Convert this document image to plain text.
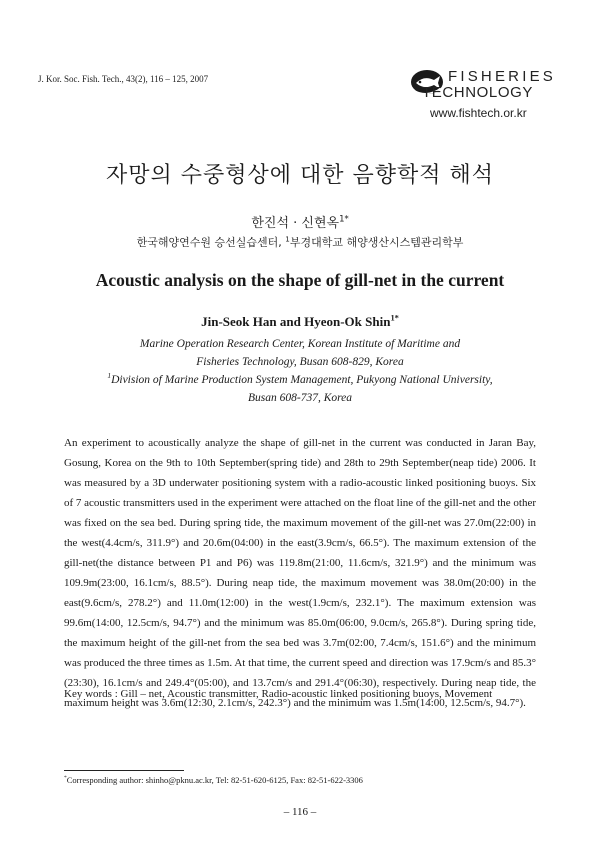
J. Kor. Soc. Fish. Tech., 43(2), 116 – 125, 2007	FISHERIES
TECHNOLOGY
www.fishtech.or.kr
자망의 수중형상에 대한 음향학적 해석
한진석 · 신현옥$^{1*}$
한국해양연수원 승선실습센터, $^1$부경대학교 해양생산시스템관리학부
Acoustic analysis on the shape of gill-net in the current
Jin-Seok Han and Hyeon-Ok Shin$^{1*}$
Marine Operation Research Center, Korean Institute of Maritime and
Fisheries Technology, Busan 608-829, Korea
$^1$Division of Marine Production System Management, Pukyong National University,
Busan 608-737, Korea

An experiment to acoustically analyze the shape of gill-net in the current was conducted in Jaran Bay, Gosung, Korea on the 9th to 10th September(spring tide) and 28th to 29th September(neap tide) 2006. It was measured by a 3D underwater positioning system with a radio-acoustic linked positioning buoys. Six of 7 acoustic transmitters used in the experiment were attached on the float line of the gill-net and the other was fixed on the sea bed. During spring tide, the maximum movement of the gill-net was 27.0m(22:00) in the west(4.4cm/s, 311.9°) and 20.6m(04:00) in the east(3.9cm/s, 66.5°). The maximum extension of the gill-net(the distance between P1 and P6) was 119.8m(21:00, 11.6cm/s, 321.9°) and the minimum was 109.9m(23:00, 16.1cm/s, 88.5°). During neap tide, the maximum movement was 38.0m(20:00) in the east(9.6cm/s, 278.2°) and 11.0m(12:00) in the west(1.9cm/s, 232.1°). The maximum extension was 99.6m(14:00, 12.5cm/s, 94.7°) and the minimum was 85.0m(06:00, 9.0cm/s, 265.8°). During spring tide, the maximum height of the gill-net from the sea bed was 3.7m(02:00, 7.4cm/s, 151.6°) and the minimum was produced the three times as 1.5m. At that time, the current speed and direction was 17.9cm/s and 85.3° (23:30), 16.1cm/s and 249.4°(05:00), and 13.7cm/s and 291.4°(06:30), respectively. During neap tide, the maximum height was 3.6m(12:30, 2.1cm/s, 242.3°) and the minimum was 1.5m(14:00, 12.5cm/s, 94.7°).

Key words : Gill – net, Acoustic transmitter, Radio-acoustic linked positioning buoys, Movement
*Corresponding author: shinho@pknu.ac.kr, Tel: 82-51-620-6125, Fax: 82-51-622-3306
– 116 –
